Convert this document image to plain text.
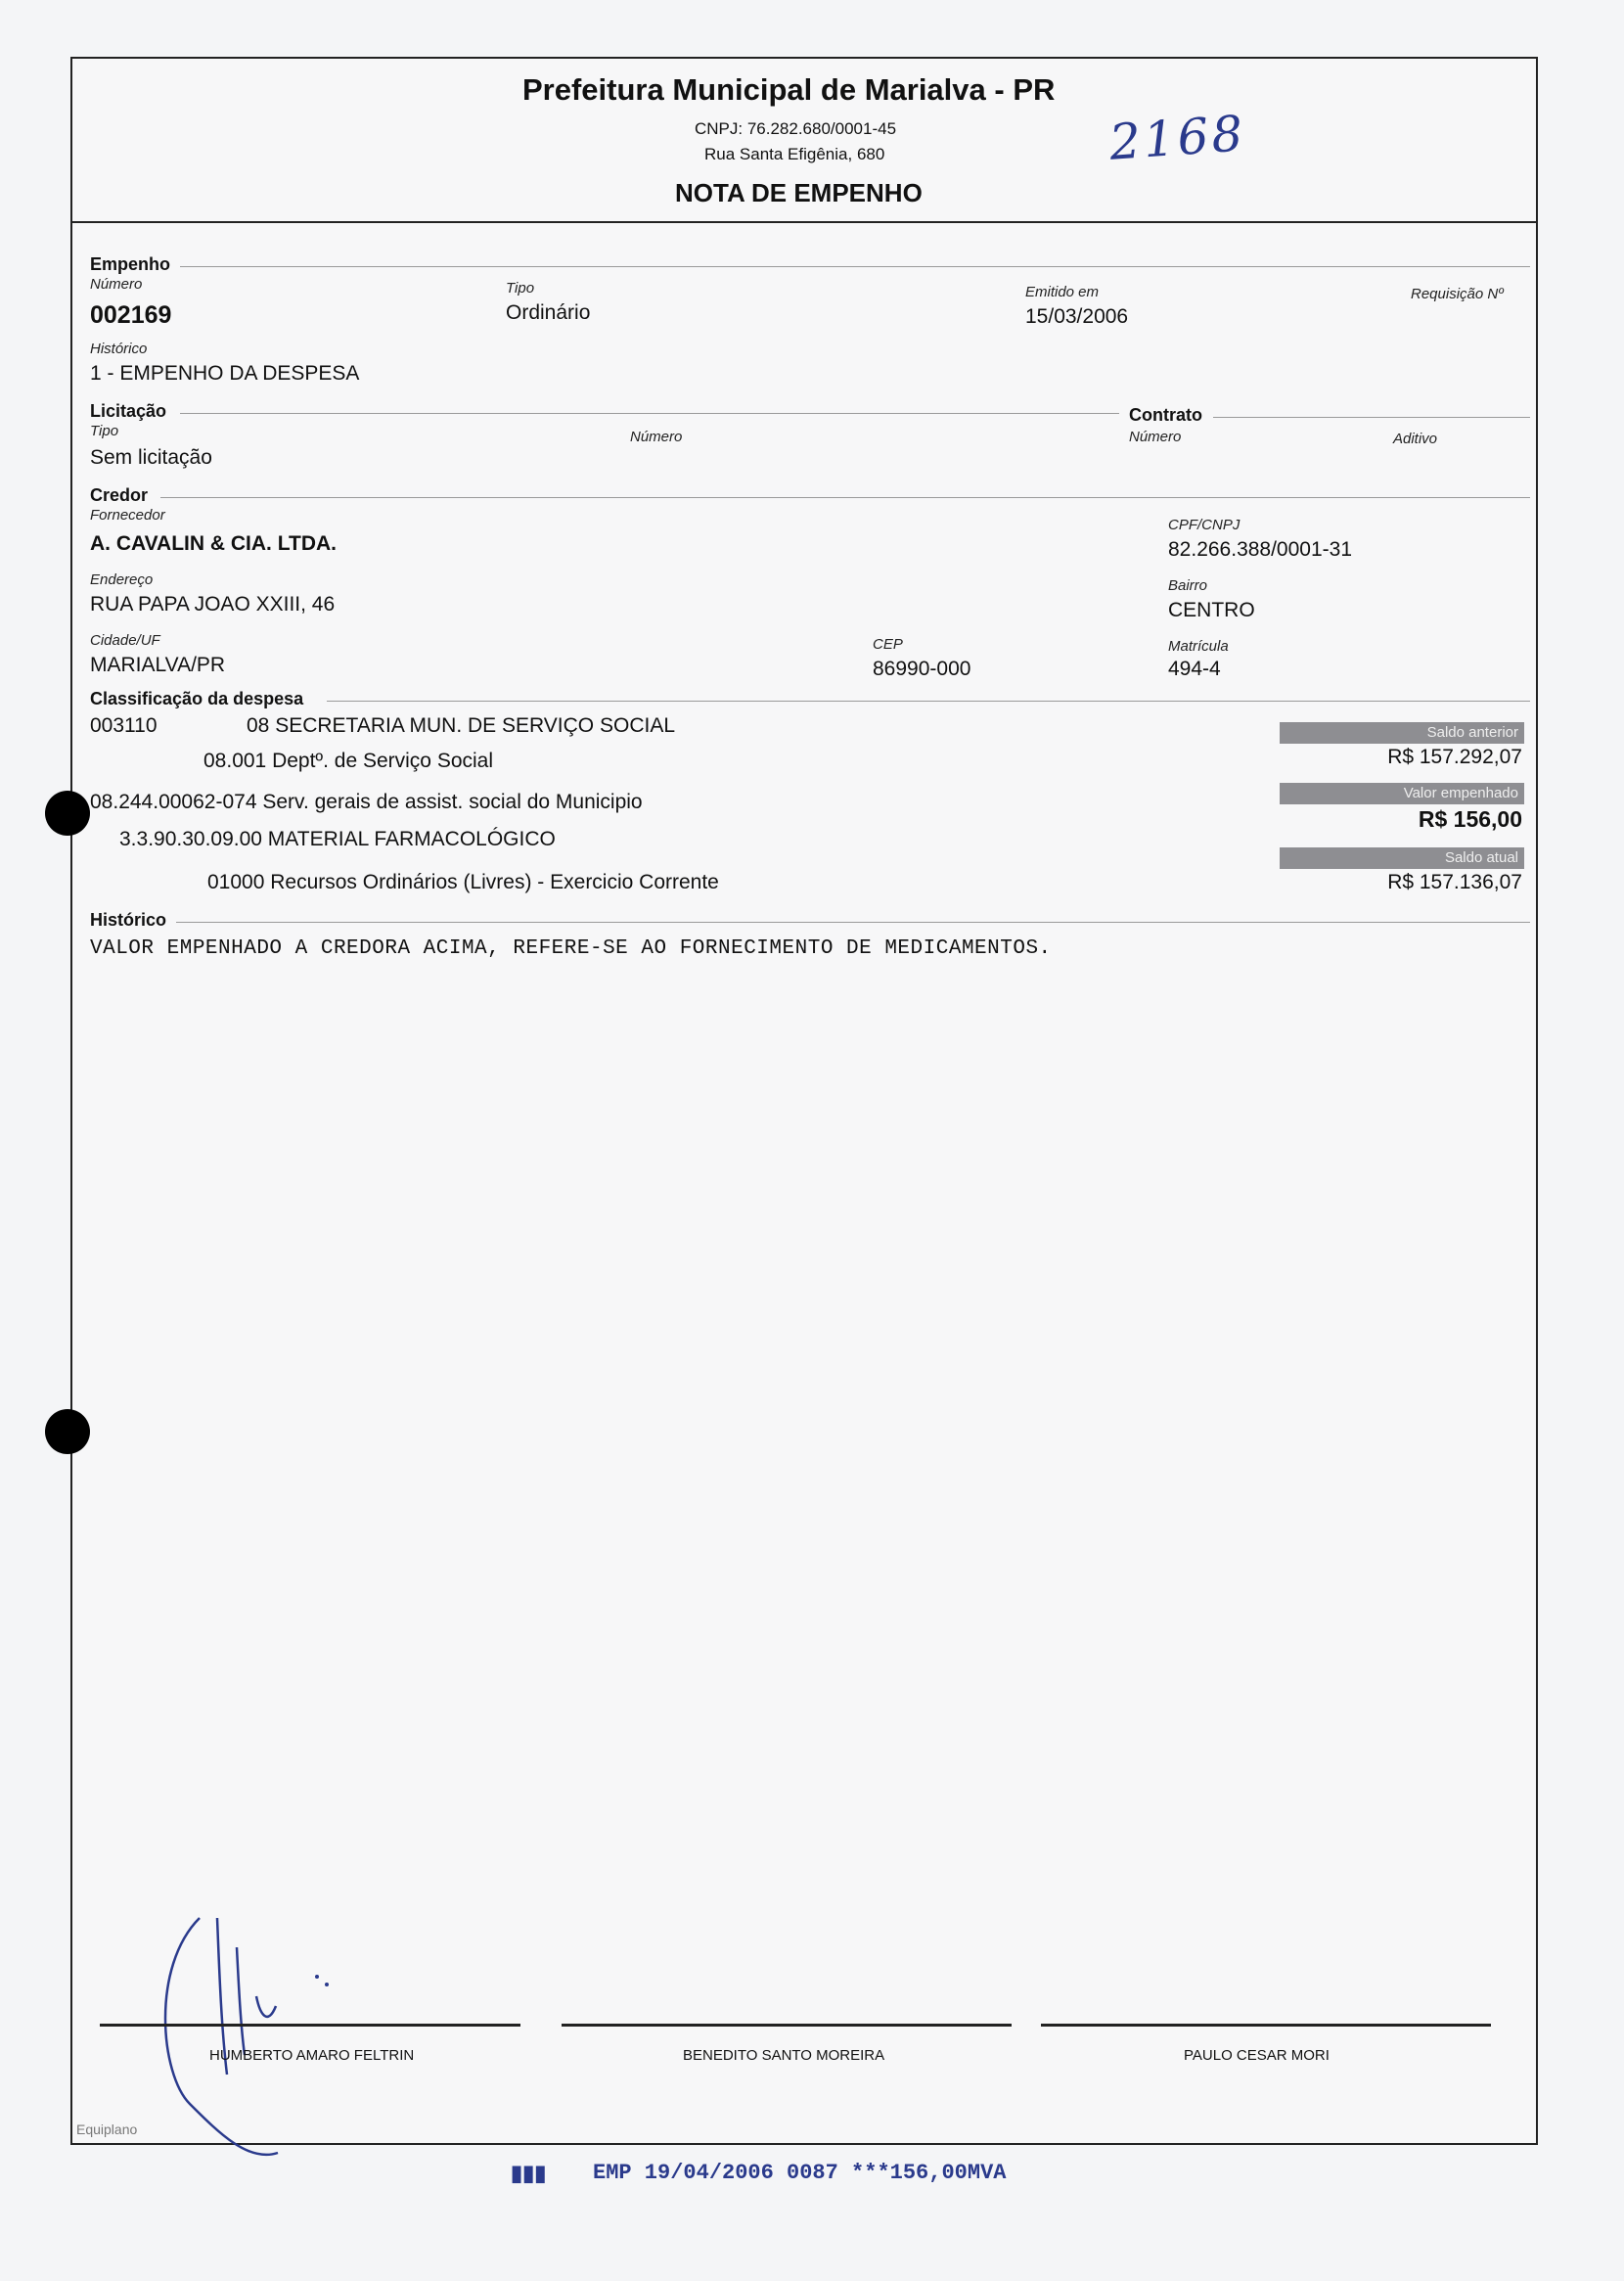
Prefeitura Municipal de Marialva - PR
CNPJ: 76.282.680/0001-45
Rua Santa Efigênia, 680
NOTA DE EMPENHO
2168
Empenho
Número
002169
Tipo
Ordinário
Emitido em
15/03/2006
Requisição Nº
Histórico
1 - EMPENHO DA DESPESA
Licitação	Contrato
Tipo
Sem licitação
Número	Número	Aditivo
Credor
Fornecedor
A. CAVALIN & CIA. LTDA.
CPF/CNPJ
82.266.388/0001-31
Endereço
RUA PAPA JOAO XXIII, 46
Bairro
CENTRO
Cidade/UF
MARIALVA/PR
CEP
86990-000
Matrícula
494-4
Classificação da despesa
003110	08 SECRETARIA MUN. DE SERVIÇO SOCIAL
08.001 Deptº. de Serviço Social
08.244.00062-074 Serv. gerais de assist. social do Municipio
3.3.90.30.09.00 MATERIAL FARMACOLÓGICO
01000 Recursos Ordinários (Livres) - Exercicio Corrente
Saldo anterior
R$ 157.292,07
Valor empenhado
R$ 156,00
Saldo atual
R$ 157.136,07
Histórico
VALOR EMPENHADO A CREDORA ACIMA, REFERE-SE AO FORNECIMENTO DE MEDICAMENTOS.
HUMBERTO AMARO FELTRIN	BENEDITO SANTO MOREIRA	PAULO CESAR MORI
Equiplano
▮▮▮ EMP 19/04/2006 0087 ***156,00MVA
